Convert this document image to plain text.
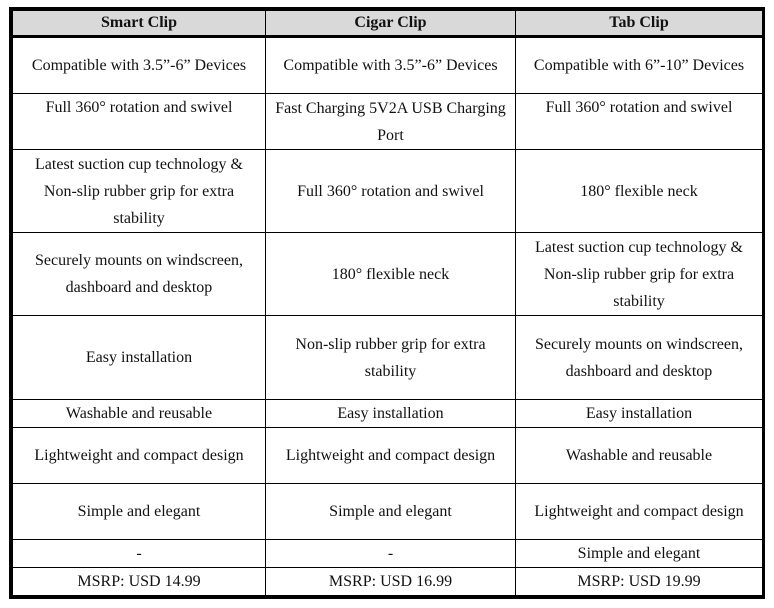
Smart Clip	Cigar Clip	Tab Clip
Compatible with 3.5”-6” Devices	Compatible with 3.5”-6” Devices	Compatible with 6”-10” Devices
Full 360° rotation and swivel	Fast Charging 5V2A USB Charging Port	Full 360° rotation and swivel
Latest suction cup technology & Non-slip rubber grip for extra stability	Full 360° rotation and swivel	180° flexible neck
Securely mounts on windscreen, dashboard and desktop	180° flexible neck	Latest suction cup technology & Non-slip rubber grip for extra stability
Easy installation	Non-slip rubber grip for extra stability	Securely mounts on windscreen, dashboard and desktop
Washable and reusable	Easy installation	Easy installation
Lightweight and compact design	Lightweight and compact design	Washable and reusable
Simple and elegant	Simple and elegant	Lightweight and compact design
-	-	Simple and elegant
MSRP: USD 14.99	MSRP: USD 16.99	MSRP: USD 19.99
